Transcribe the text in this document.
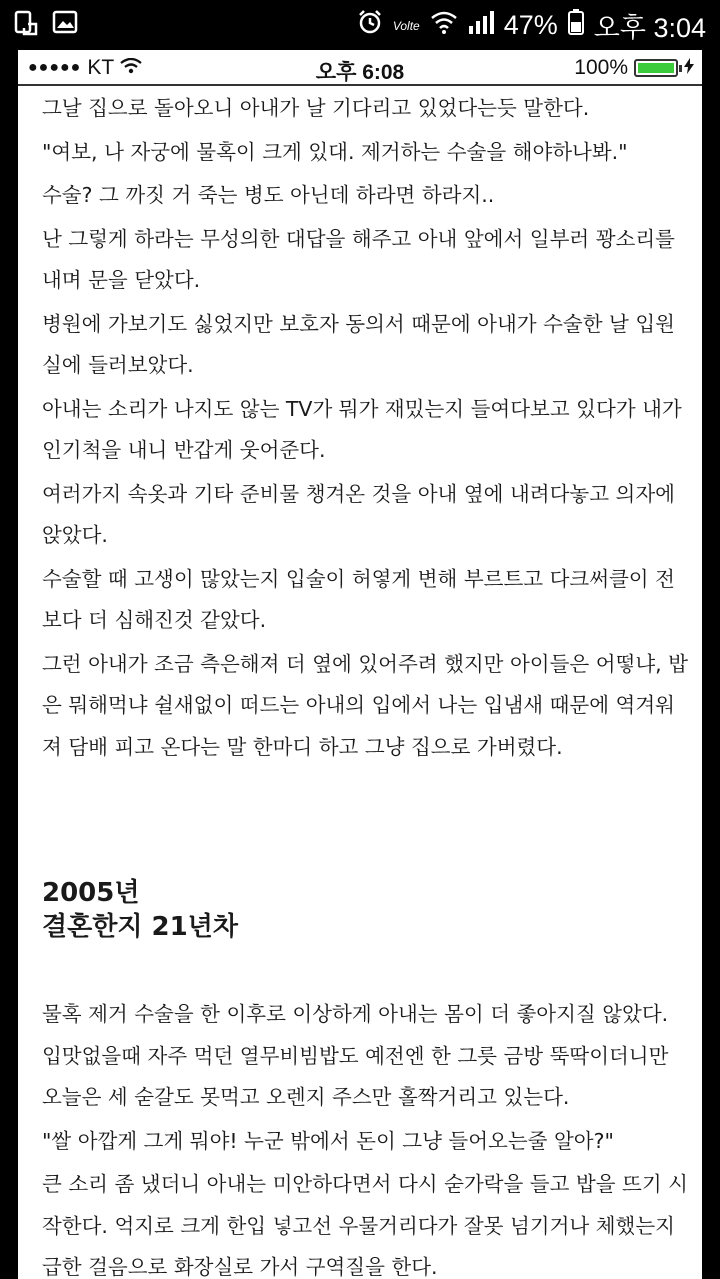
Volte	47% 오후 3:04
●●●●● KT	오후 6:08	100%

그날 집으로 돌아오니 아내가 날 기다리고 있었다는듯 말한다.

"여보, 나 자궁에 물혹이 크게 있대. 제거하는 수술을 해야하나봐."

수술? 그 까짓 거 죽는 병도 아닌데 하라면 하라지..

난 그렇게 하라는 무성의한 대답을 해주고 아내 앞에서 일부러 꽝소리를 내며 문을 닫았다.

병원에 가보기도 싫었지만 보호자 동의서 때문에 아내가 수술한 날 입원실에 들러보았다.

아내는 소리가 나지도 않는 TV가 뭐가 재밌는지 들여다보고 있다가 내가 인기척을 내니 반갑게 웃어준다.

여러가지 속옷과 기타 준비물 챙겨온 것을 아내 옆에 내려다놓고 의자에 앉았다.

수술할 때 고생이 많았는지 입술이 허옇게 변해 부르트고 다크써클이 전보다 더 심해진것 같았다.

그런 아내가 조금 측은해져 더 옆에 있어주려 했지만 아이들은 어떻냐, 밥은 뭐해먹냐 쉴새없이 떠드는 아내의 입에서 나는 입냄새 때문에 역겨워져 담배 피고 온다는 말 한마디 하고 그냥 집으로 가버렸다.

2005년
결혼한지 21년차

물혹 제거 수술을 한 이후로 이상하게 아내는 몸이 더 좋아지질 않았다. 입맛없을때 자주 먹던 열무비빔밥도 예전엔 한 그릇 금방 뚝딱이더니만 오늘은 세 숟갈도 못먹고 오렌지 주스만 홀짝거리고 있는다.

"쌀 아깝게 그게 뭐야! 누군 밖에서 돈이 그냥 들어오는줄 알아?"

큰 소리 좀 냈더니 아내는 미안하다면서 다시 숟가락을 들고 밥을 뜨기 시작한다. 억지로 크게 한입 넣고선 우물거리다가 잘못 넘기거나 체했는지 급한 걸음으로 화장실로 가서 구역질을 한다.
